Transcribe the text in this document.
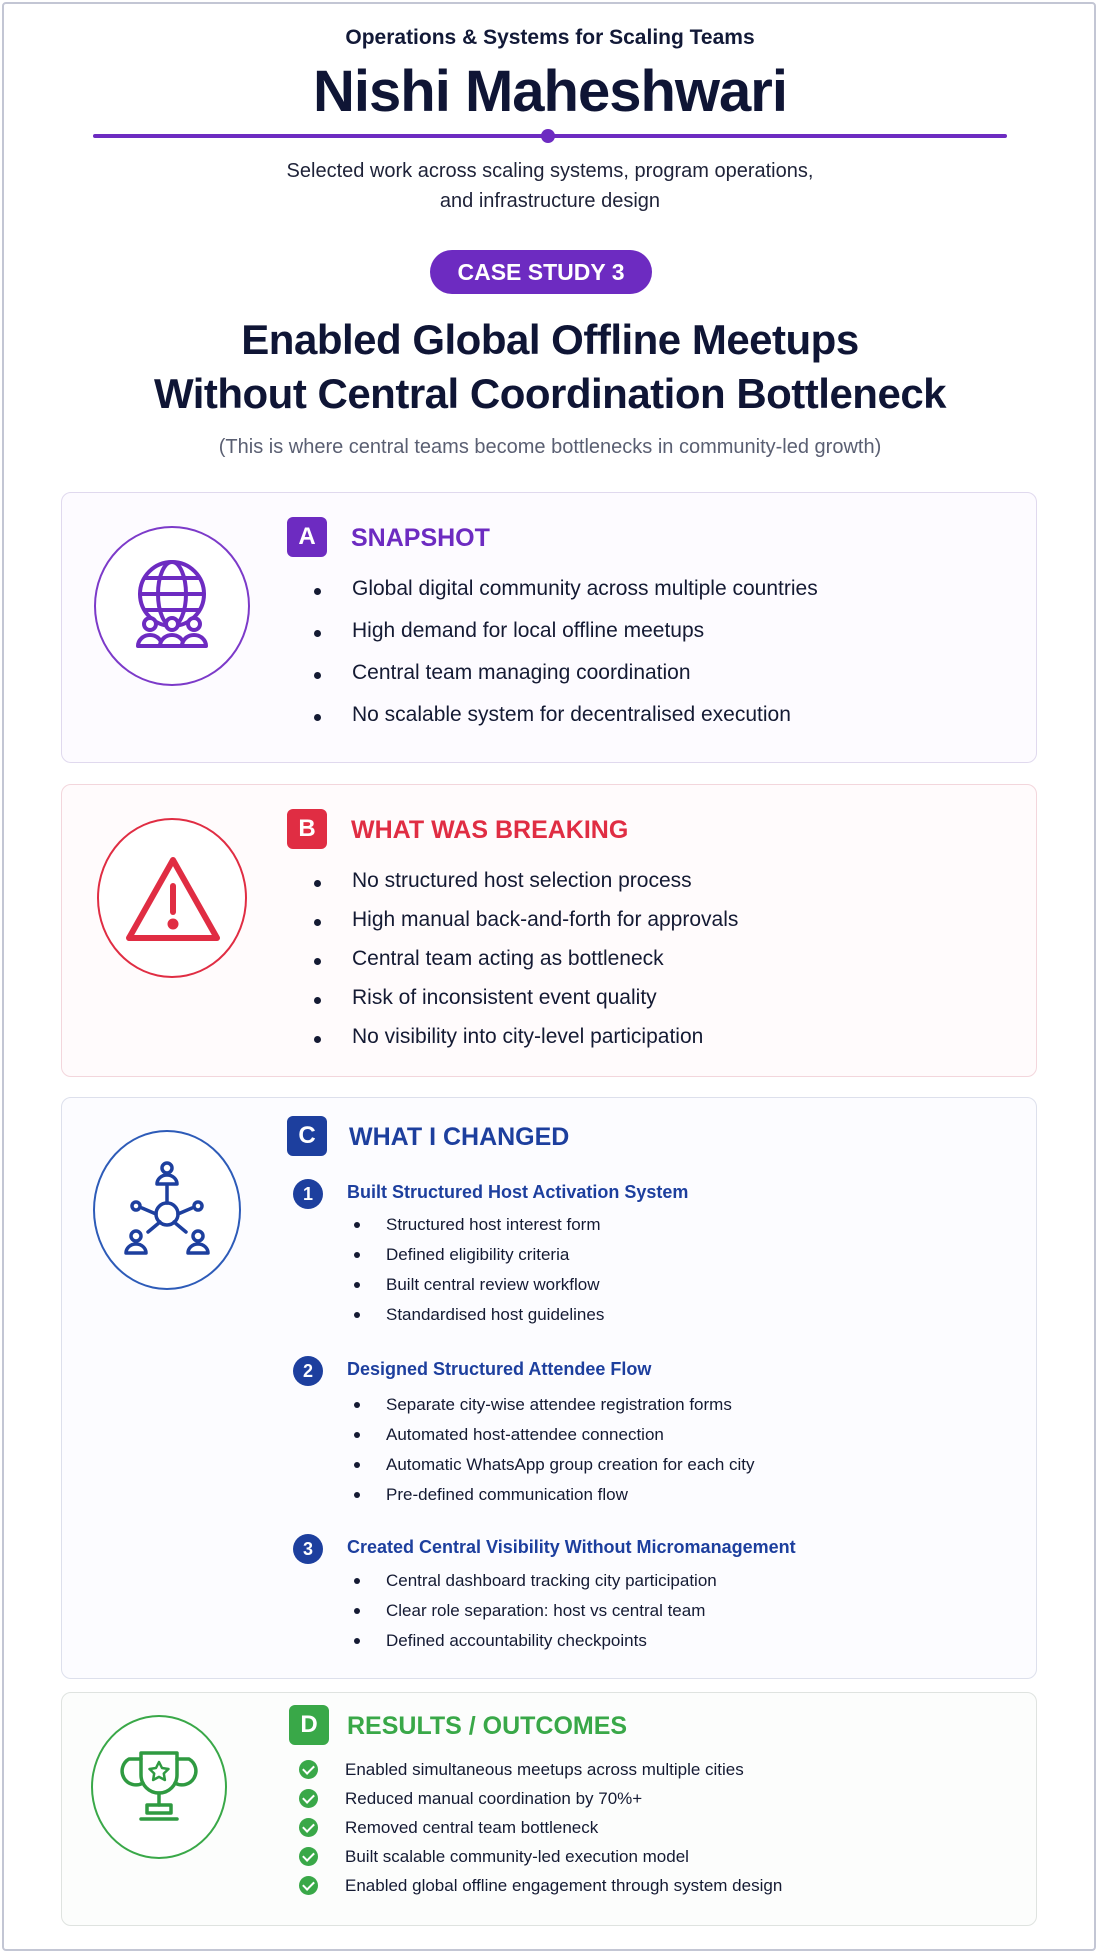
Operations & Systems for Scaling Teams
Nishi Maheshwari
Selected work across scaling systems, program operations,
and infrastructure design
CASE STUDY 3
Enabled Global Offline Meetups
Without Central Coordination Bottleneck
(This is where central teams become bottlenecks in community-led growth)
A	SNAPSHOT
Global digital community across multiple countries
High demand for local offline meetups
Central team managing coordination
No scalable system for decentralised execution
B	WHAT WAS BREAKING
No structured host selection process
High manual back-and-forth for approvals
Central team acting as bottleneck
Risk of inconsistent event quality
No visibility into city-level participation
C	WHAT I CHANGED
1	Built Structured Host Activation System
Structured host interest form
Defined eligibility criteria
Built central review workflow
Standardised host guidelines
2	Designed Structured Attendee Flow
Separate city-wise attendee registration forms
Automated host-attendee connection
Automatic WhatsApp group creation for each city
Pre-defined communication flow
3	Created Central Visibility Without Micromanagement
Central dashboard tracking city participation
Clear role separation: host vs central team
Defined accountability checkpoints
D	RESULTS / OUTCOMES
Enabled simultaneous meetups across multiple cities
Reduced manual coordination by 70%+
Removed central team bottleneck
Built scalable community-led execution model
Enabled global offline engagement through system design
